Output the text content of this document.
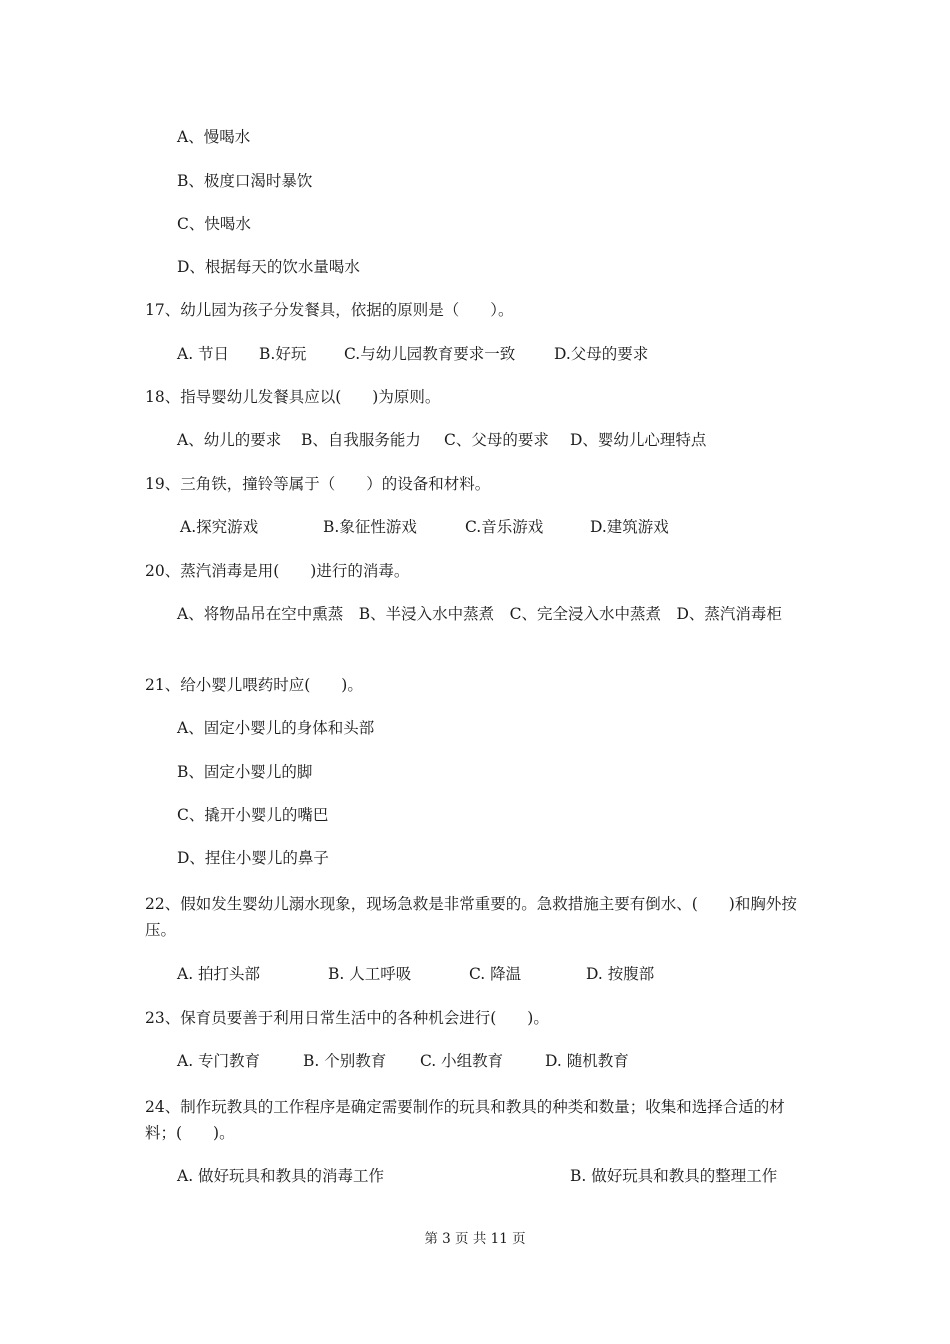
A、慢喝水
B、极度口渴时暴饮
C、快喝水
D、根据每天的饮水量喝水
17、幼儿园为孩子分发餐具，依据的原则是（　　）。
A. 节日 B.好玩 C.与幼儿园教育要求一致	D.父母的要求
18、指导婴幼儿发餐具应以(　　)为原则。
A、幼儿的要求 B、自我服务能力 C、父母的要求 D、婴幼儿心理特点
19、三角铁，撞铃等属于（　　）的设备和材料。
A.探究游戏	B.象征性游戏	C.音乐游戏	D.建筑游戏
20、蒸汽消毒是用(　　)进行的消毒。
A、将物品吊在空中熏蒸　B、半浸入水中蒸煮　C、完全浸入水中蒸煮　D、蒸汽消毒柜
21、给小婴儿喂药时应(　　)。
A、固定小婴儿的身体和头部
B、固定小婴儿的脚
C、撬开小婴儿的嘴巴
D、捏住小婴儿的鼻子
22、假如发生婴幼儿溺水现象，现场急救是非常重要的。急救措施主要有倒水、(　　)和胸外按压。
A. 拍打头部	B. 人工呼吸	C. 降温	D. 按腹部
23、保育员要善于利用日常生活中的各种机会进行(　　)。
A. 专门教育	B. 个别教育 C. 小组教育	D. 随机教育
24、制作玩教具的工作程序是确定需要制作的玩具和教具的种类和数量；收集和选择合适的材料；(　　)。
A. 做好玩具和教具的消毒工作	B. 做好玩具和教具的整理工作
第 3 页 共 11 页
